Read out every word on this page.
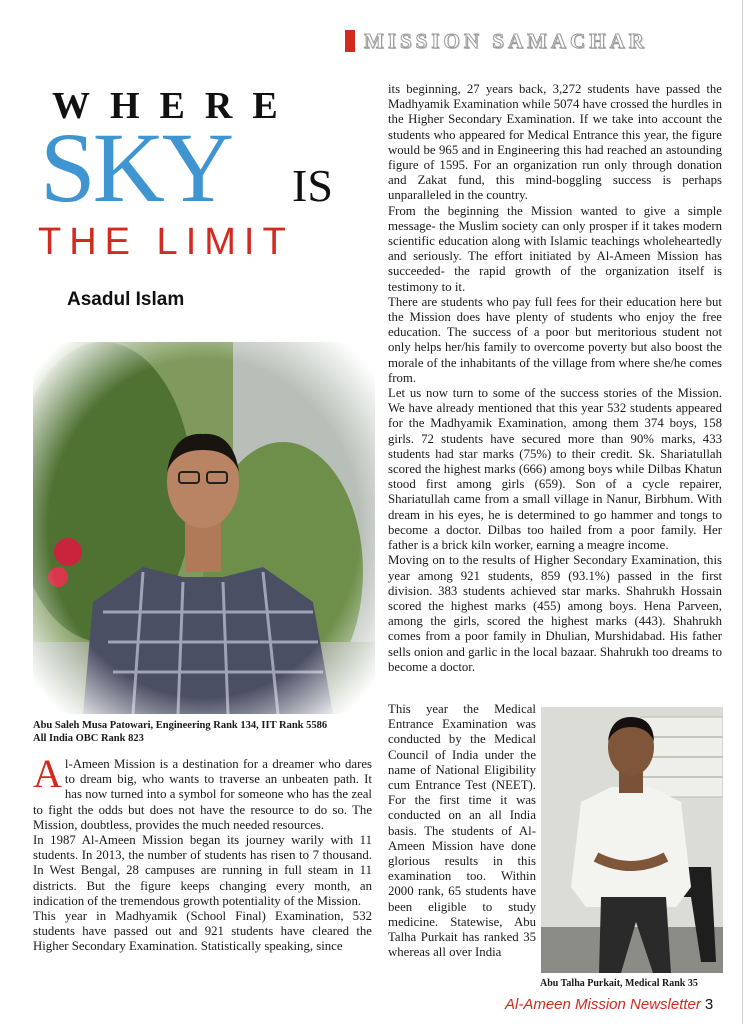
MISSION SAMACHAR
WHERE
SKY IS
THE LIMIT
Asadul Islam
Abu Saleh Musa Patowari, Engineering Rank 134, IIT Rank 5586
All India OBC Rank 823

Al-Ameen Mission is a destination for a dreamer who dares to dream big, who wants to traverse an unbeaten path. It has now turned into a symbol for someone who has the zeal to fight the odds but does not have the resource to do so. The Mission, doubtless, provides the much needed resources.

In 1987 Al-Ameen Mission began its journey warily with 11 students. In 2013, the number of students has risen to 7 thousand. In West Bengal, 28 campuses are running in full steam in 11 districts. But the figure keeps changing every month, an indication of the tremendous growth potentiality of the Mission.

This year in Madhyamik (School Final) Examination, 532 students have passed out and 921 students have cleared the Higher Secondary Examination. Statistically speaking, since

its beginning, 27 years back, 3,272 students have passed the Madhyamik Examination while 5074 have crossed the hurdles in the Higher Secondary Examination. If we take into account the students who appeared for Medical Entrance this year, the figure would be 965 and in Engineering this had reached an astounding figure of 1595. For an organization run only through donation and Zakat fund, this mind-boggling success is perhaps unparalleled in the country.

From the beginning the Mission wanted to give a simple message- the Muslim society can only prosper if it takes modern scientific education along with Islamic teachings wholeheartedly and seriously. The effort initiated by Al-Ameen Mission has succeeded- the rapid growth of the organization itself is testimony to it.

There are students who pay full fees for their education here but the Mission does have plenty of students who enjoy the free education. The success of a poor but meritorious student not only helps her/his family to overcome poverty but also boost the morale of the inhabitants of the village from where she/he comes from.

Let us now turn to some of the success stories of the Mission. We have already mentioned that this year 532 students appeared for the Madhyamik Examination, among them 374 boys, 158 girls. 72 students have secured more than 90% marks, 433 students had star marks (75%) to their credit. Sk. Shariatullah scored the highest marks (666) among boys while Dilbas Khatun stood first among girls (659). Son of a cycle repairer, Shariatullah came from a small village in Nanur, Birbhum. With dream in his eyes, he is determined to go hammer and tongs to become a doctor. Dilbas too hailed from a poor family. Her father is a brick kiln worker, earning a meagre income.

Moving on to the results of Higher Secondary Examination, this year among 921 students, 859 (93.1%) passed in the first division. 383 students achieved star marks. Shahrukh Hossain scored the highest marks (455) among boys. Hena Parveen, among the girls, scored the highest marks (443). Shahrukh comes from a poor family in Dhulian, Murshidabad. His father sells onion and garlic in the local bazaar. Shahrukh too dreams to become a doctor.

This year the Medical Entrance Examination was conducted by the Medical Council of India under the name of National Eligibility cum Entrance Test (NEET). For the first time it was conducted on an all India basis. The students of Al-Ameen Mission have done glorious results in this examination too. Within 2000 rank, 65 students have been eligible to study medicine. Statewise, Abu Talha Purkait has ranked 35 whereas all over India

Abu Talha Purkait, Medical Rank 35
Al-Ameen Mission Newsletter 3
